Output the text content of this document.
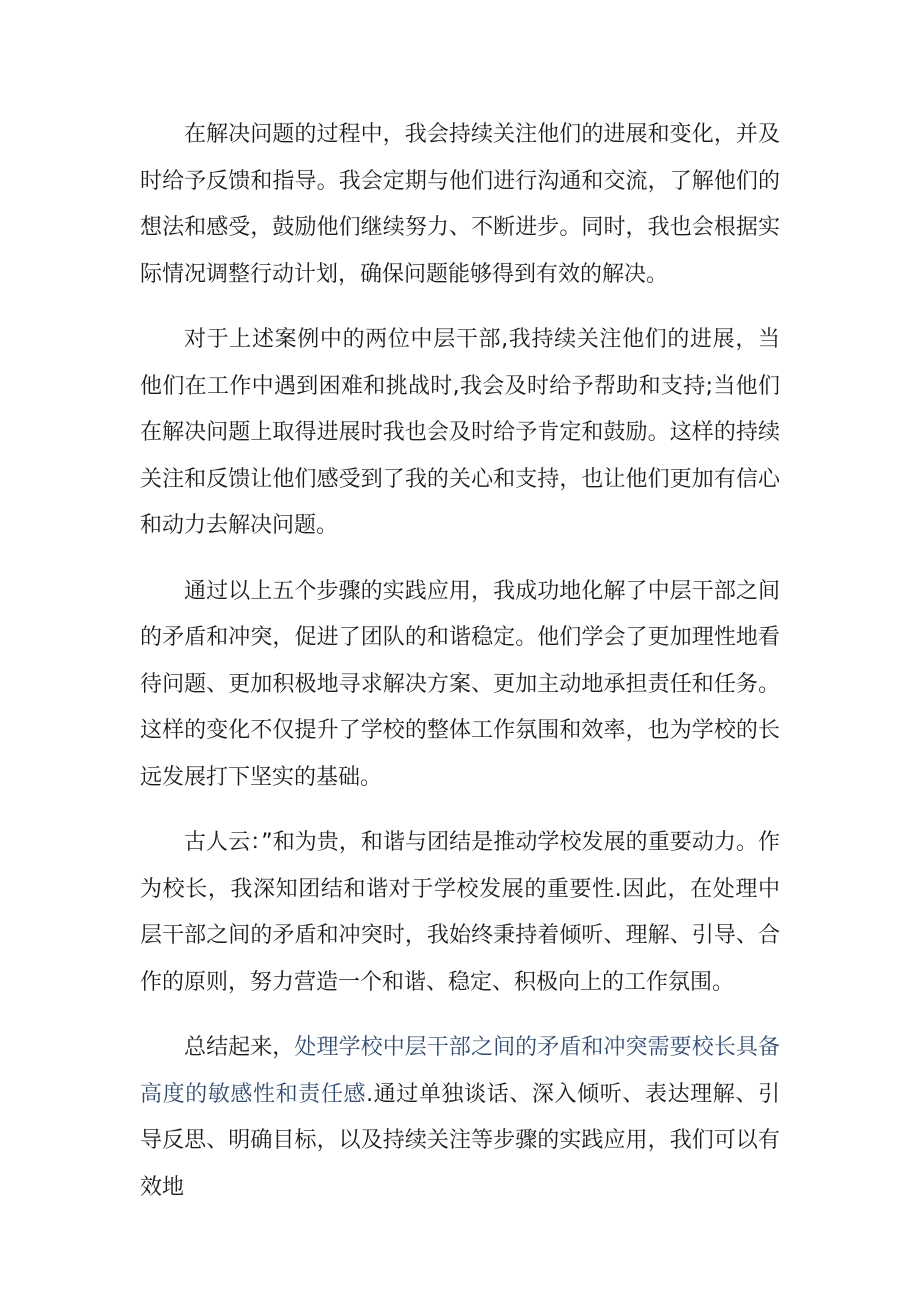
在解决问题的过程中，我会持续关注他们的进展和变化，并及时给予反馈和指导。我会定期与他们进行沟通和交流，了解他们的想法和感受，鼓励他们继续努力、不断进步。同时，我也会根据实际情况调整行动计划，确保问题能够得到有效的解决。

对于上述案例中的两位中层干部,我持续关注他们的进展，当他们在工作中遇到困难和挑战时,我会及时给予帮助和支持;当他们在解决问题上取得进展时我也会及时给予肯定和鼓励。这样的持续关注和反馈让他们感受到了我的关心和支持，也让他们更加有信心和动力去解决问题。

通过以上五个步骤的实践应用，我成功地化解了中层干部之间的矛盾和冲突，促进了团队的和谐稳定。他们学会了更加理性地看待问题、更加积极地寻求解决方案、更加主动地承担责任和任务。这样的变化不仅提升了学校的整体工作氛围和效率，也为学校的长远发展打下坚实的基础。

古人云：”和为贵，和谐与团结是推动学校发展的重要动力。作为校长，我深知团结和谐对于学校发展的重要性.因此，在处理中层干部之间的矛盾和冲突时，我始终秉持着倾听、理解、引导、合作的原则，努力营造一个和谐、稳定、积极向上的工作氛围。

总结起来，处理学校中层干部之间的矛盾和冲突需要校长具备高度的敏感性和责任感.通过单独谈话、深入倾听、表达理解、引导反思、明确目标，以及持续关注等步骤的实践应用，我们可以有效地
